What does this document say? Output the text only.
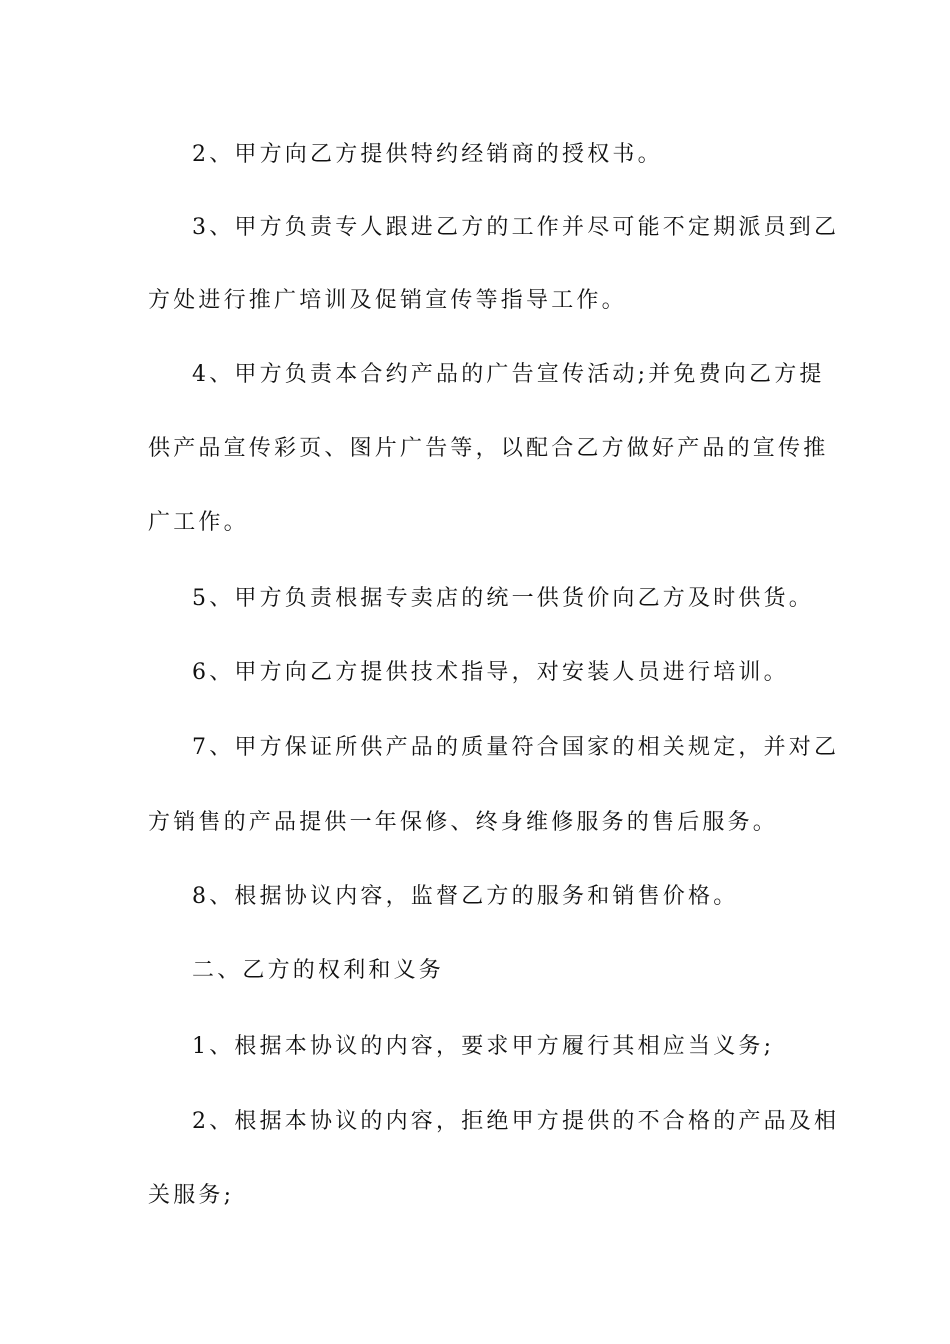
2、甲方向乙方提供特约经销商的授权书。
3、甲方负责专人跟进乙方的工作并尽可能不定期派员到乙
方处进行推广培训及促销宣传等指导工作。
4、甲方负责本合约产品的广告宣传活动;并免费向乙方提
供产品宣传彩页、图片广告等，以配合乙方做好产品的宣传推
广工作。
5、甲方负责根据专卖店的统一供货价向乙方及时供货。
6、甲方向乙方提供技术指导，对安装人员进行培训。
7、甲方保证所供产品的质量符合国家的相关规定，并对乙
方销售的产品提供一年保修、终身维修服务的售后服务。
8、根据协议内容，监督乙方的服务和销售价格。
二、乙方的权利和义务
1、根据本协议的内容，要求甲方履行其相应当义务;
2、根据本协议的内容，拒绝甲方提供的不合格的产品及相
关服务;
